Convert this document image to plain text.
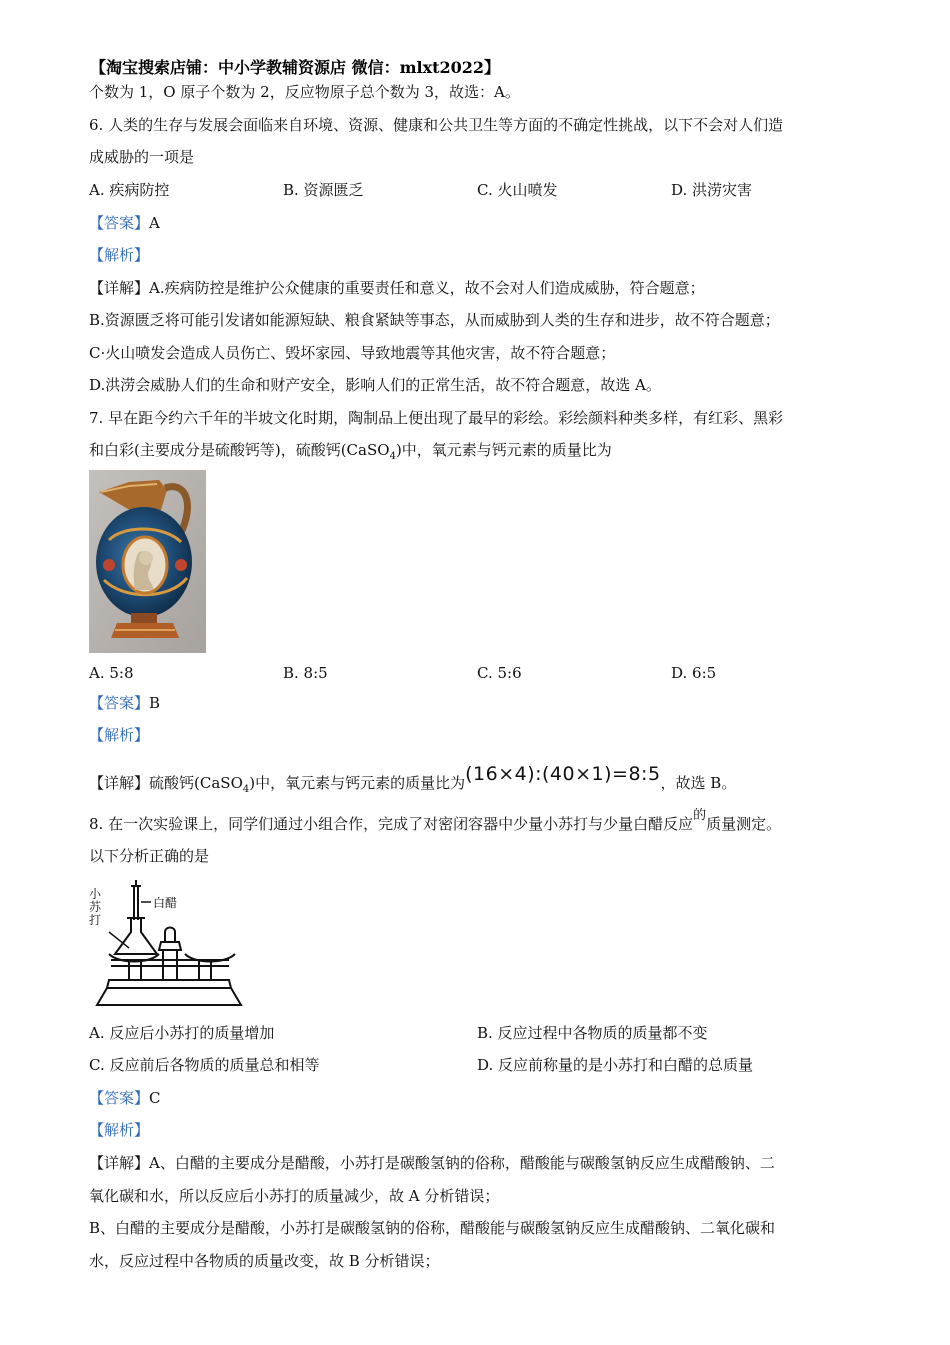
【淘宝搜索店铺：中小学教辅资源店 微信：mlxt2022】
个数为 1，O 原子个数为 2，反应物原子总个数为 3，故选：A。
6. 人类的生存与发展会面临来自环境、资源、健康和公共卫生等方面的不确定性挑战，以下不会对人们造
成威胁的一项是
A. 疾病防控	B. 资源匮乏	C. 火山喷发	D. 洪涝灾害
【答案】A
【解析】
【详解】A.疾病防控是维护公众健康的重要责任和意义，故不会对人们造成威胁，符合题意；
B.资源匮乏将可能引发诸如能源短缺、粮食紧缺等事态，从而威胁到人类的生存和进步，故不符合题意；
C·火山喷发会造成人员伤亡、毁坏家园、导致地震等其他灾害，故不符合题意；
D.洪涝会威胁人们的生命和财产安全，影响人们的正常生活，故不符合题意，故选 A。
7. 早在距今约六千年的半坡文化时期，陶制品上便出现了最早的彩绘。彩绘颜料种类多样，有红彩、黑彩
和白彩(主要成分是硫酸钙等)，硫酸钙(CaSO$_4$)中，氧元素与钙元素的质量比为
A. 5:8	B. 8:5	C. 5:6	D. 6:5
【答案】B
【解析】
【详解】硫酸钙(CaSO$_4$)中，氧元素与钙元素的质量比为(16×4):(40×1)=8:5，故选 B。
8. 在一次实验课上，同学们通过小组合作，完成了对密闭容器中少量小苏打与少量白醋反应的质量测定。
以下分析正确的是
小苏打
白醋
A. 反应后小苏打的质量增加	B. 反应过程中各物质的质量都不变
C. 反应前后各物质的质量总和相等	D. 反应前称量的是小苏打和白醋的总质量
【答案】C
【解析】
【详解】A、白醋的主要成分是醋酸，小苏打是碳酸氢钠的俗称，醋酸能与碳酸氢钠反应生成醋酸钠、二
氧化碳和水，所以反应后小苏打的质量减少，故 A 分析错误；
B、白醋的主要成分是醋酸，小苏打是碳酸氢钠的俗称，醋酸能与碳酸氢钠反应生成醋酸钠、二氧化碳和
水，反应过程中各物质的质量改变，故 B 分析错误；
